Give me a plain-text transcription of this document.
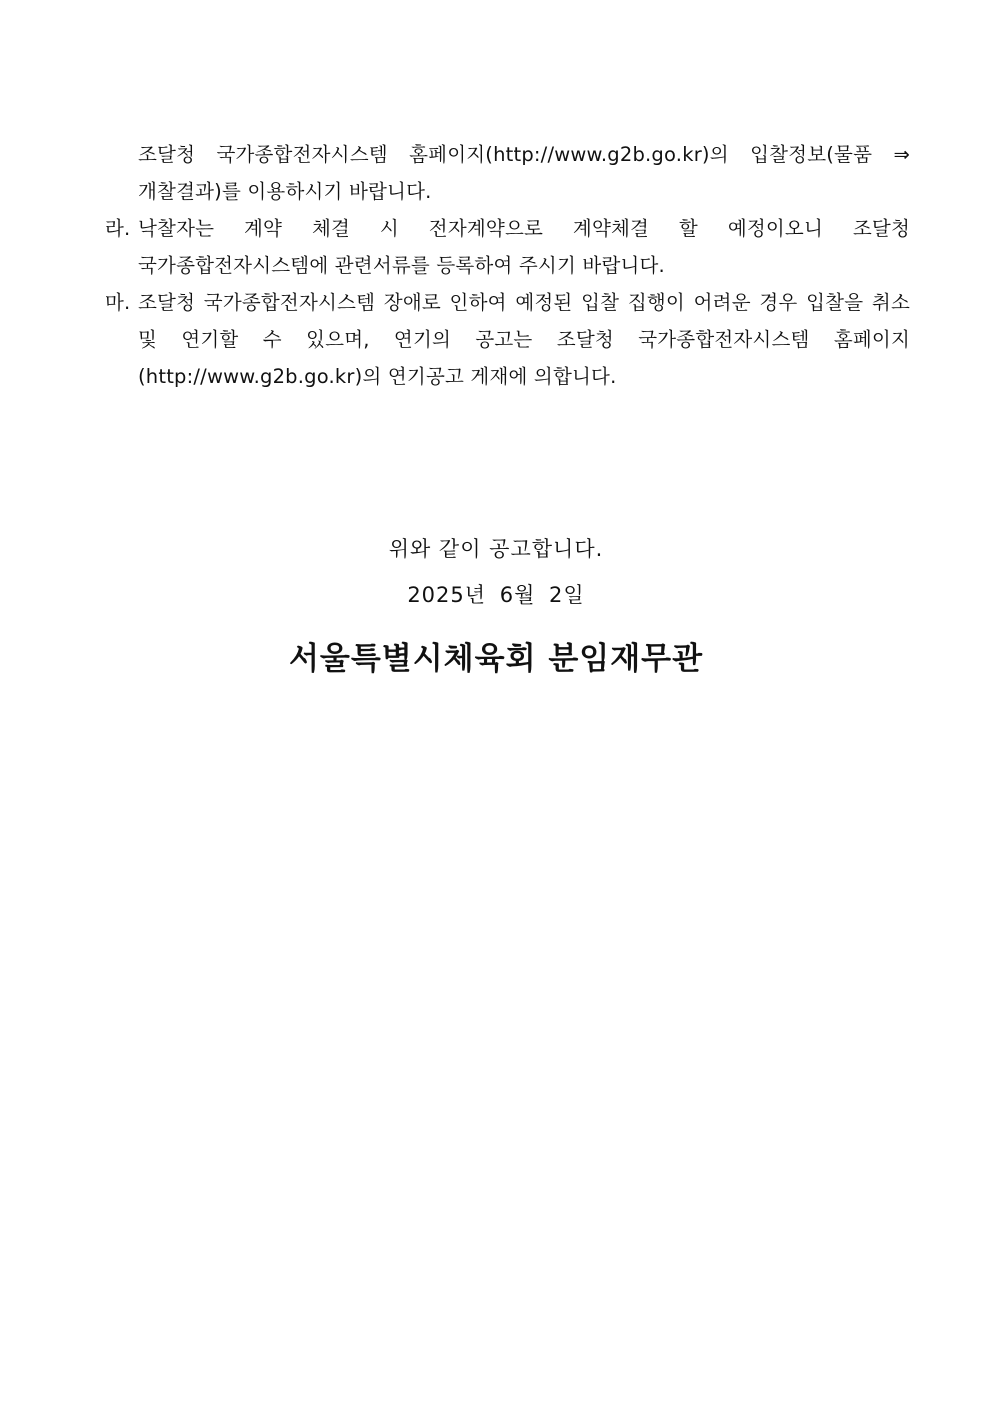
조달청 국가종합전자시스템 홈페이지(http://www.g2b.go.kr)의 입찰정보(물품 ⇒ 개찰결과)를 이용하시기 바랍니다.
라. 낙찰자는 계약 체결 시 전자계약으로 계약체결 할 예정이오니 조달청 국가종합전자시스템에 관련서류를 등록하여 주시기 바랍니다.
마. 조달청 국가종합전자시스템 장애로 인하여 예정된 입찰 집행이 어려운 경우 입찰을 취소 및 연기할 수 있으며, 연기의 공고는 조달청 국가종합전자시스템 홈페이지(http://www.g2b.go.kr)의 연기공고 게재에 의합니다.
위와 같이 공고합니다.
2025년 6월 2일
서울특별시체육회 분임재무관
